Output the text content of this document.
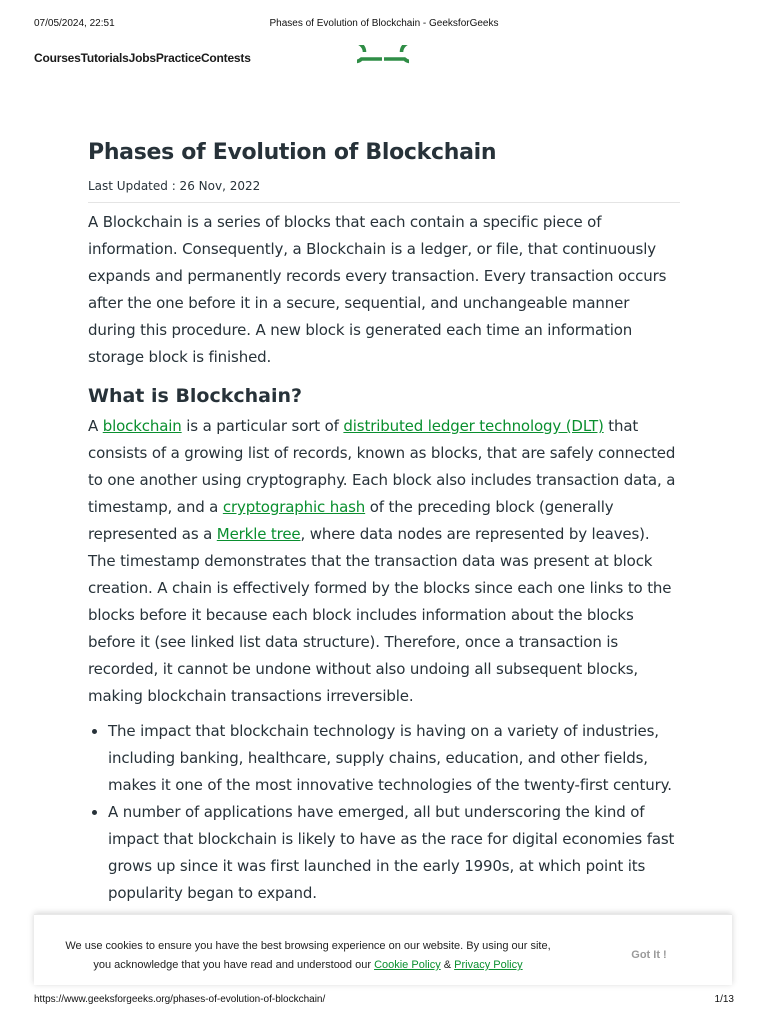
07/05/2024, 22:51	Phases of Evolution of Blockchain - GeeksforGeeks
CoursesTutorialsJobsPracticeContests
Phases of Evolution of Blockchain
Last Updated : 26 Nov, 2022

A Blockchain is a series of blocks that each contain a specific piece of information. Consequently, a Blockchain is a ledger, or file, that continuously expands and permanently records every transaction. Every transaction occurs after the one before it in a secure, sequential, and unchangeable manner during this procedure. A new block is generated each time an information storage block is finished.

What is Blockchain?

A blockchain is a particular sort of distributed ledger technology (DLT) that consists of a growing list of records, known as blocks, that are safely connected to one another using cryptography. Each block also includes transaction data, a timestamp, and a cryptographic hash of the preceding block (generally represented as a Merkle tree, where data nodes are represented by leaves). The timestamp demonstrates that the transaction data was present at block creation. A chain is effectively formed by the blocks since each one links to the blocks before it because each block includes information about the blocks before it (see linked list data structure). Therefore, once a transaction is recorded, it cannot be undone without also undoing all subsequent blocks, making blockchain transactions irreversible.

• The impact that blockchain technology is having on a variety of industries, including banking, healthcare, supply chains, education, and other fields, makes it one of the most innovative technologies of the twenty-first century.
• A number of applications have emerged, all but underscoring the kind of impact that blockchain is likely to have as the race for digital economies fast grows up since it was first launched in the early 1990s, at which point its popularity began to expand.
We use cookies to ensure you have the best browsing experience on our website. By using our site, you acknowledge that you have read and understood our Cookie Policy & Privacy Policy
Got It !
https://www.geeksforgeeks.org/phases-of-evolution-of-blockchain/	1/13
